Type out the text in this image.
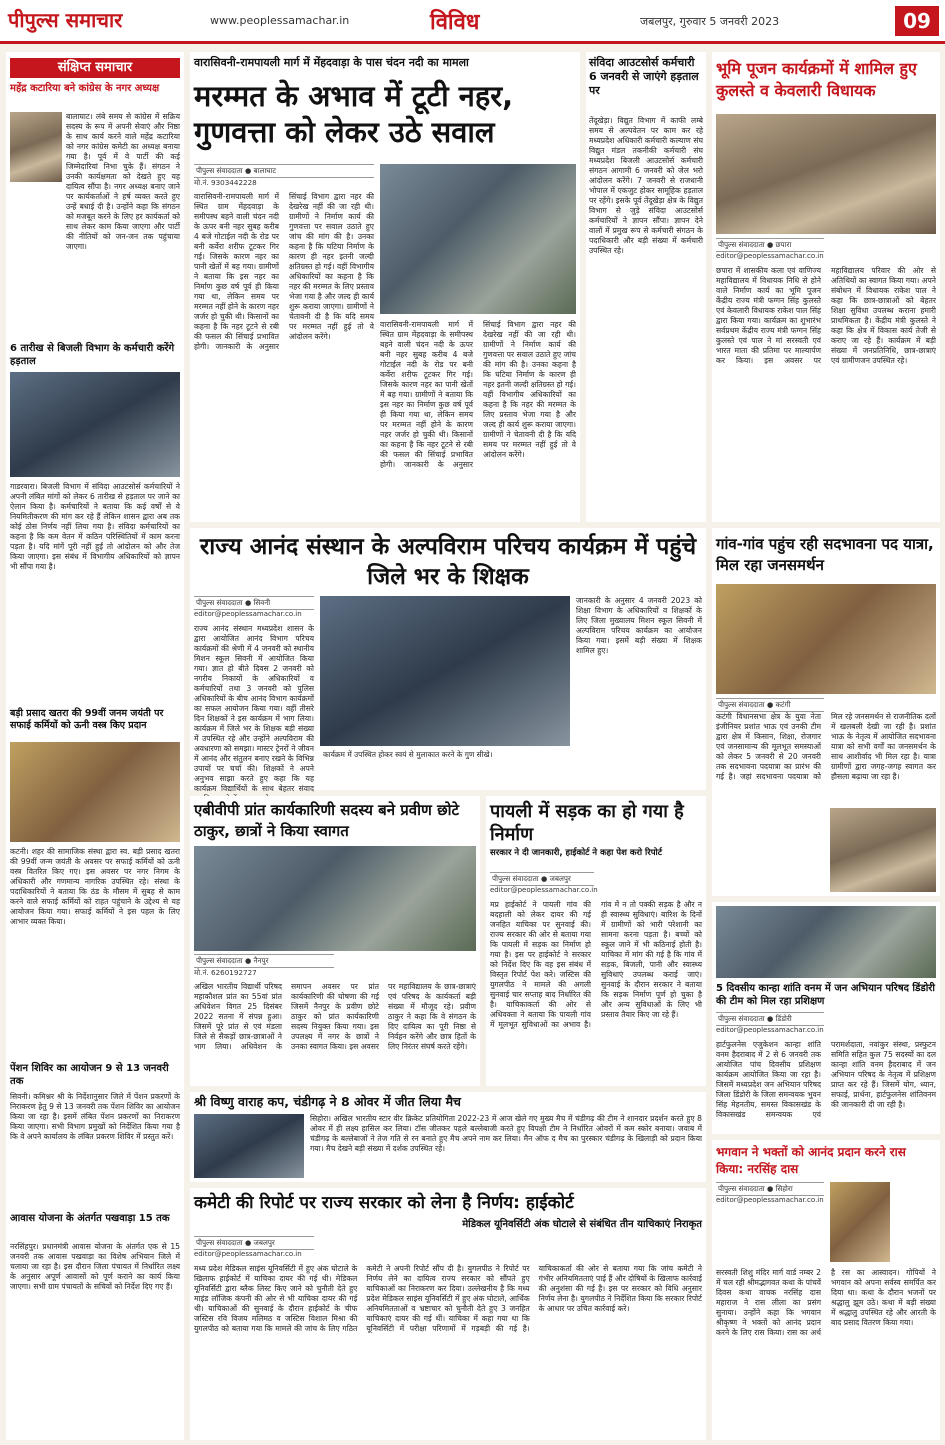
पीपुल्स समाचार	www.peoplessamachar.in	विविध	जबलपुर, गुरुवार 5 जनवरी 2023	09
संक्षिप्त समाचार
महेंद्र कटारिया बने कांग्रेस के नगर अध्यक्ष
बालाघाट। लंबे समय से कांग्रेस में सक्रिय सदस्य के रूप में अपनी सेवाएं और निष्ठा के साथ कार्य करने वाले महेंद्र कटारिया को नगर कांग्रेस कमेटी का अध्यक्ष बनाया गया है। पूर्व में वे पार्टी की कई जिम्मेदारियां निभा चुके हैं। संगठन ने उनकी कार्यक्षमता को देखते हुए यह दायित्व सौंपा है। नगर अध्यक्ष बनाए जाने पर कार्यकर्ताओं ने हर्ष व्यक्त करते हुए उन्हें बधाई दी है। उन्होंने कहा कि संगठन को मजबूत करने के लिए हर कार्यकर्ता को साथ लेकर काम किया जाएगा और पार्टी की नीतियों को जन-जन तक पहुंचाया जाएगा।
6 तारीख से बिजली विभाग के कर्मचारी करेंगे हड़ताल
गाडरवारा। बिजली विभाग में संविदा आउटसोर्स कर्मचारियों ने अपनी लंबित मांगों को लेकर 6 तारीख से हड़ताल पर जाने का ऐलान किया है। कर्मचारियों ने बताया कि कई वर्षों से वे नियमितीकरण की मांग कर रहे हैं लेकिन शासन द्वारा अब तक कोई ठोस निर्णय नहीं लिया गया है। संविदा कर्मचारियों का कहना है कि कम वेतन में कठिन परिस्थितियों में काम करना पड़ता है। यदि मांगें पूरी नहीं हुईं तो आंदोलन को और तेज किया जाएगा। इस संबंध में विभागीय अधिकारियों को ज्ञापन भी सौंपा गया है।
बड़ी प्रसाद खतरा की 99वीं जनम जयंती पर सफाई कर्मियों को ऊनी वस्त्र किए प्रदान
कटनी। शहर की सामाजिक संस्था द्वारा स्व. बड़ी प्रसाद खतरा की 99वीं जन्म जयंती के अवसर पर सफाई कर्मियों को ऊनी वस्त्र वितरित किए गए। इस अवसर पर नगर निगम के अधिकारी और गणमान्य नागरिक उपस्थित रहे। संस्था के पदाधिकारियों ने बताया कि ठंड के मौसम में सुबह से काम करने वाले सफाई कर्मियों को राहत पहुंचाने के उद्देश्य से यह आयोजन किया गया। सफाई कर्मियों ने इस पहल के लिए आभार व्यक्त किया।
पेंशन शिविर का आयोजन 9 से 13 जनवरी तक
सिवनी। कमिश्नर श्री के निर्देशानुसार जिले में पेंशन प्रकरणों के निराकरण हेतु 9 से 13 जनवरी तक पेंशन शिविर का आयोजन किया जा रहा है। इसमें लंबित पेंशन प्रकरणों का निराकरण किया जाएगा। सभी विभाग प्रमुखों को निर्देशित किया गया है कि वे अपने कार्यालय के लंबित प्रकरण शिविर में प्रस्तुत करें।
आवास योजना के अंतर्गत पखवाड़ा 15 तक
नरसिंहपुर। प्रधानमंत्री आवास योजना के अंतर्गत एक से 15 जनवरी तक आवास पखवाड़ा का विशेष अभियान जिले में चलाया जा रहा है। इस दौरान जिला पंचायत में निर्धारित लक्ष्य के अनुसार अपूर्ण आवासों को पूर्ण कराने का कार्य किया जाएगा। सभी ग्राम पंचायतों के सचिवों को निर्देश दिए गए हैं।
वारासिवनी-रामपायली मार्ग में मेंहदवाड़ा के पास चंदन नदी का मामला
मरम्मत के अभाव में टूटी नहर, गुणवत्ता को लेकर उठे सवाल
पीपुल्स संवाददाता ● बालाघाट
मो.नं. 9303442228
वारासिवनी-रामपायली मार्ग में स्थित ग्राम मेंहदवाड़ा के समीपस्थ बहने वाली चंदन नदी के ऊपर बनी नहर सुबह करीब 4 बजे गोटाईल नदी के रोड पर बनी कर्वेरा शरीफ टूटकर गिर गई। जिसके कारण नहर का पानी खेतों में बह गया। ग्रामीणों ने बताया कि इस नहर का निर्माण कुछ वर्ष पूर्व ही किया गया था, लेकिन समय पर मरम्मत नहीं होने के कारण नहर जर्जर हो चुकी थी। किसानों का कहना है कि नहर टूटने से रबी की फसल की सिंचाई प्रभावित होगी। जानकारी के अनुसार सिंचाई विभाग द्वारा नहर की देखरेख नहीं की जा रही थी। ग्रामीणों ने निर्माण कार्य की गुणवत्ता पर सवाल उठाते हुए जांच की मांग की है। उनका कहना है कि घटिया निर्माण के कारण ही नहर इतनी जल्दी क्षतिग्रस्त हो गई। वहीं विभागीय अधिकारियों का कहना है कि नहर की मरम्मत के लिए प्रस्ताव भेजा गया है और जल्द ही कार्य शुरू कराया जाएगा। ग्रामीणों ने चेतावनी दी है कि यदि समय पर मरम्मत नहीं हुई तो वे आंदोलन करेंगे।
वारासिवनी-रामपायली मार्ग में स्थित ग्राम मेंहदवाड़ा के समीपस्थ बहने वाली चंदन नदी के ऊपर बनी नहर सुबह करीब 4 बजे गोटाईल नदी के रोड पर बनी कर्वेरा शरीफ टूटकर गिर गई। जिसके कारण नहर का पानी खेतों में बह गया। ग्रामीणों ने बताया कि इस नहर का निर्माण कुछ वर्ष पूर्व ही किया गया था, लेकिन समय पर मरम्मत नहीं होने के कारण नहर जर्जर हो चुकी थी। किसानों का कहना है कि नहर टूटने से रबी की फसल की सिंचाई प्रभावित होगी। जानकारी के अनुसार सिंचाई विभाग द्वारा नहर की देखरेख नहीं की जा रही थी। ग्रामीणों ने निर्माण कार्य की गुणवत्ता पर सवाल उठाते हुए जांच की मांग की है। उनका कहना है कि घटिया निर्माण के कारण ही नहर इतनी जल्दी क्षतिग्रस्त हो गई। वहीं विभागीय अधिकारियों का कहना है कि नहर की मरम्मत के लिए प्रस्ताव भेजा गया है और जल्द ही कार्य शुरू कराया जाएगा। ग्रामीणों ने चेतावनी दी है कि यदि समय पर मरम्मत नहीं हुई तो वे आंदोलन करेंगे।
संविदा आउटसोर्स कर्मचारी 6 जनवरी से जाएंगे हड़ताल पर
तेंदूखेड़ा। विद्युत विभाग में काफी लम्बे समय से अल्पवेतन पर काम कर रहे मध्यप्रदेश अधिकारी कर्मचारी कल्याण संघ विद्युत मंडल तकनीकी कर्मचारी संघ मध्यप्रदेश बिजली आउटसोर्स कर्मचारी संगठन आगामी 6 जनवरी को जेल भरो आंदोलन करेंगे। 7 जनवरी से राजधानी भोपाल में एकजुट होकर सामूहिक हड़ताल पर रहेंगे। इसके पूर्व तेंदूखेड़ा क्षेत्र के विद्युत विभाग से जुड़े संविदा आउटसोर्स कर्मचारियों ने ज्ञापन सौंपा। ज्ञापन देने वालों में प्रमुख रूप से कर्मचारी संगठन के पदाधिकारी और बड़ी संख्या में कर्मचारी उपस्थित रहे।
भूमि पूजन कार्यक्रमों में शामिल हुए कुलस्ते व केवलारी विधायक
पीपुल्स संवाददाता ● छपारा
editor@peoplessamachar.co.in
छपारा में शासकीय कला एवं वाणिज्य महाविद्यालय में विधायक निधि से होने वाले निर्माण कार्य का भूमि पूजन केंद्रीय राज्य मंत्री फग्गन सिंह कुलस्ते एवं केवलारी विधायक राकेश पाल सिंह द्वारा किया गया। कार्यक्रम का शुभारंभ सर्वप्रथम केंद्रीय राज्य मंत्री फग्गन सिंह कुलस्ते एवं पाल ने मां सरस्वती एवं भारत माता की प्रतिमा पर माल्यार्पण कर किया। इस अवसर पर महाविद्यालय परिवार की ओर से अतिथियों का स्वागत किया गया। अपने संबोधन में विधायक राकेश पाल ने कहा कि छात्र-छात्राओं को बेहतर शिक्षा सुविधा उपलब्ध कराना हमारी प्राथमिकता है। केंद्रीय मंत्री कुलस्ते ने कहा कि क्षेत्र में विकास कार्य तेजी से कराए जा रहे हैं। कार्यक्रम में बड़ी संख्या में जनप्रतिनिधि, छात्र-छात्राएं एवं ग्रामीणजन उपस्थित रहे।
राज्य आनंद संस्थान के अल्पविराम परिचय कार्यक्रम में पहुंचे जिले भर के शिक्षक
पीपुल्स संवाददाता ● सिवनी
editor@peoplessamachar.co.in
राज्य आनंद संस्थान मध्यप्रदेश शासन के द्वारा आयोजित आनंद विभाग परिचय कार्यक्रमों की श्रेणी में 4 जनवरी को स्थानीय मिशन स्कूल सिवनी में आयोजित किया गया। ज्ञात हो बीते दिवस 2 जनवरी को नगरीय निकायों के अधिकारियों व कर्मचारियों तथा 3 जनवरी को पुलिस अधिकारियों के बीच आनंद विभाग कार्यक्रमों का सफल आयोजन किया गया। वहीं तीसरे दिन शिक्षकों ने इस कार्यक्रम में भाग लिया। कार्यक्रम में जिले भर के शिक्षक बड़ी संख्या में उपस्थित रहे और उन्होंने अल्पविराम की अवधारणा को समझा। मास्टर ट्रेनरों ने जीवन में आनंद और संतुलन बनाए रखने के विभिन्न उपायों पर चर्चा की। शिक्षकों ने अपने अनुभव साझा करते हुए कहा कि यह कार्यक्रम विद्यार्थियों के साथ बेहतर संवाद
कार्यक्रम में उपस्थित होकर स्वयं से मुलाकात करने के गुण सीखे।
जानकारी के अनुसार 4 जनवरी 2023 को शिक्षा विभाग के अधिकारियों व शिक्षकों के लिए जिला मुख्यालय मिशन स्कूल सिवनी में अल्पविराम परिचय कार्यक्रम का आयोजन किया गया। इसमें बड़ी संख्या में शिक्षक शामिल हुए।
एबीवीपी प्रांत कार्यकारिणी सदस्य बने प्रवीण छोटे ठाकुर, छात्रों ने किया स्वागत
पीपुल्स संवाददाता ● नैनपुर
मो.नं. 6260192727
अखिल भारतीय विद्यार्थी परिषद महाकौशल प्रांत का 55वां प्रांत अधिवेशन विगत 25 दिसंबर 2022 सतना में संपन्न हुआ। जिसमें पूरे प्रांत से एवं मंडला जिले से सैकड़ों छात्र-छात्राओं ने भाग लिया। अधिवेशन के समापन अवसर पर प्रांत कार्यकारिणी की घोषणा की गई जिसमें नैनपुर के प्रवीण छोटे ठाकुर को प्रांत कार्यकारिणी सदस्य नियुक्त किया गया। इस उपलक्ष्य में नगर के छात्रों ने उनका स्वागत किया। इस अवसर पर महाविद्यालय के छात्र-छात्राएं एवं परिषद के कार्यकर्ता बड़ी संख्या में मौजूद रहे। प्रवीण ठाकुर ने कहा कि वे संगठन के दिए दायित्व का पूरी निष्ठा से निर्वहन करेंगे और छात्र हितों के लिए निरंतर संघर्ष करते रहेंगे।
पायली में सड़क का हो गया है निर्माण
सरकार ने दी जानकारी, हाईकोर्ट ने कहा पेश करो रिपोर्ट
पीपुल्स संवाददाता ● जबलपुर
editor@peoplessamachar.co.in
मप्र हाईकोर्ट ने पायली गांव की बदहाली को लेकर दायर की गई जनहित याचिका पर सुनवाई की। राज्य सरकार की ओर से बताया गया कि पायली में सड़क का निर्माण हो गया है। इस पर हाईकोर्ट ने सरकार को निर्देश दिए कि वह इस संबंध में विस्तृत रिपोर्ट पेश करे। जस्टिस की युगलपीठ ने मामले की अगली सुनवाई चार सप्ताह बाद निर्धारित की है। याचिकाकर्ता की ओर से अधिवक्ता ने बताया कि पायली गांव में मूलभूत सुविधाओं का अभाव है। गांव में न तो पक्की सड़क है और न ही स्वास्थ्य सुविधाएं। बारिश के दिनों में ग्रामीणों को भारी परेशानी का सामना करना पड़ता है। बच्चों को स्कूल जाने में भी कठिनाई होती है। याचिका में मांग की गई है कि गांव में सड़क, बिजली, पानी और स्वास्थ्य सुविधाएं उपलब्ध कराई जाएं। सुनवाई के दौरान सरकार ने बताया कि सड़क निर्माण पूर्ण हो चुका है और अन्य सुविधाओं के लिए भी प्रस्ताव तैयार किए जा रहे हैं।
गांव-गांव पहुंच रही सदभावना पद यात्रा, मिल रहा जनसमर्थन
पीपुल्स संवाददाता ● कटंगी
कटंगी विधानसभा क्षेत्र के युवा नेता इंजीनियर प्रशांत भाऊ एवं उनकी टीम द्वारा क्षेत्र में किसान, शिक्षा, रोजगार एवं जनसामान्य की मूलभूत समस्याओं को लेकर 5 जनवरी से 20 जनवरी तक सदभावना पदयात्रा का प्रारंभ की गई है। जहां सदभावना पदयात्रा को मिल रहे जनसमर्थन से राजनीतिक दलों में खलबली देखी जा रही है। प्रशांत भाऊ के नेतृत्व में आयोजित सदभावना यात्रा को सभी वर्गों का जनसमर्थन के साथ आशीर्वाद भी मिल रहा है। यात्रा ग्रामीणों द्वारा जगह-जगह स्वागत कर हौसला बढ़ाया जा रहा है।
5 दिवसीय कान्हा शांति वनम में जन अभियान परिषद डिंडोरी की टीम को मिल रहा प्रशिक्षण
पीपुल्स संवाददाता ● डिंडोरी
editor@peoplessamachar.co.in
हार्टफुलनेस एजुकेशन कान्हा शांति वनम हैदराबाद में 2 से 6 जनवरी तक आयोजित पांच दिवसीय प्रशिक्षण कार्यक्रम आयोजित किया जा रहा है। जिसमें मध्यप्रदेश जन अभियान परिषद जिला डिंडोरी के जिला समन्वयक भुवन सिंह मेहनतीय, समस्त विकासखंड के विकासखंड समन्वयक एवं परामर्शदाता, नवांकुर संस्था, प्रस्फुटन समिति सहित कुल 75 सदस्यों का दल कान्हा शांति वनम हैदराबाद में जन अभियान परिषद के नेतृत्व में प्रशिक्षण प्राप्त कर रहे हैं। जिसमें योग, ध्यान, सफाई, प्रार्थना, हार्टफुलनेस शांतिवनम की जानकारी दी जा रही है।
श्री विष्णु वाराह कप, चंडीगढ़ ने 8 ओवर में जीत लिया मैच
सिहोरा। अखिल भारतीय स्टार वीर क्रिकेट प्रतियोगिता 2022-23 में आज खेले गए मुख्य मैच में चंडीगढ़ की टीम ने शानदार प्रदर्शन करते हुए 8 ओवर में ही लक्ष्य हासिल कर लिया। टॉस जीतकर पहले बल्लेबाजी करते हुए विपक्षी टीम ने निर्धारित ओवरों में कम स्कोर बनाया। जवाब में चंडीगढ़ के बल्लेबाजों ने तेज गति से रन बनाते हुए मैच अपने नाम कर लिया। मैन ऑफ द मैच का पुरस्कार चंडीगढ़ के खिलाड़ी को प्रदान किया गया। मैच देखने बड़ी संख्या में दर्शक उपस्थित रहे।
कमेटी की रिपोर्ट पर राज्य सरकार को लेना है निर्णय: हाईकोर्ट
मेडिकल यूनिवर्सिटी अंक घोटाले से संबंधित तीन याचिकाएं निराकृत
पीपुल्स संवाददाता ● जबलपुर
editor@peoplessamachar.co.in
मध्य प्रदेश मेडिकल साइंस यूनिवर्सिटी में हुए अंक घोटाले के खिलाफ हाईकोर्ट में याचिका दायर की गई थी। मेडिकल यूनिवर्सिटी द्वारा ब्लैक लिस्ट किए जाने को चुनौती देते हुए माइंड लॉजिक कंपनी की ओर से भी याचिका दायर की गई थी। याचिकाओं की सुनवाई के दौरान हाईकोर्ट के चीफ जस्टिस रवि विजय मलिमठ व जस्टिस विशाल मिश्रा की युगलपीठ को बताया गया कि मामले की जांच के लिए गठित कमेटी ने अपनी रिपोर्ट सौंप दी है। युगलपीठ ने रिपोर्ट पर निर्णय लेने का दायित्व राज्य सरकार को सौंपते हुए याचिकाओं का निराकरण कर दिया। उल्लेखनीय है कि मध्य प्रदेश मेडिकल साइंस यूनिवर्सिटी में हुए अंक घोटाले, आर्थिक अनियमितताओं व भ्रष्टाचार को चुनौती देते हुए 3 जनहित याचिकाएं दायर की गई थीं। याचिका में कहा गया था कि यूनिवर्सिटी में परीक्षा परिणामों में गड़बड़ी की गई है। याचिकाकर्ता की ओर से बताया गया कि जांच कमेटी ने गंभीर अनियमितताएं पाई हैं और दोषियों के खिलाफ कार्रवाई की अनुशंसा की गई है। इस पर सरकार को विधि अनुसार निर्णय लेना है। युगलपीठ ने निर्देशित किया कि सरकार रिपोर्ट के आधार पर उचित कार्रवाई करे।
भगवान ने भक्तों को आनंद प्रदान करने रास किया: नरसिंह दास
पीपुल्स संवाददाता ● सिहोरा
editor@peoplessamachar.co.in
सरस्वती शिशु मंदिर मार्ग वार्ड नम्बर 2 में चल रही श्रीमद्भागवत कथा के पांचवें दिवस कथा वाचक नरसिंह दास महाराज ने रास लीला का प्रसंग सुनाया। उन्होंने कहा कि भगवान श्रीकृष्ण ने भक्तों को आनंद प्रदान करने के लिए रास किया। रास का अर्थ है रस का आस्वादन। गोपियों ने भगवान को अपना सर्वस्व समर्पित कर दिया था। कथा के दौरान भजनों पर श्रद्धालु झूम उठे। कथा में बड़ी संख्या में श्रद्धालु उपस्थित रहे और आरती के बाद प्रसाद वितरण किया गया।
